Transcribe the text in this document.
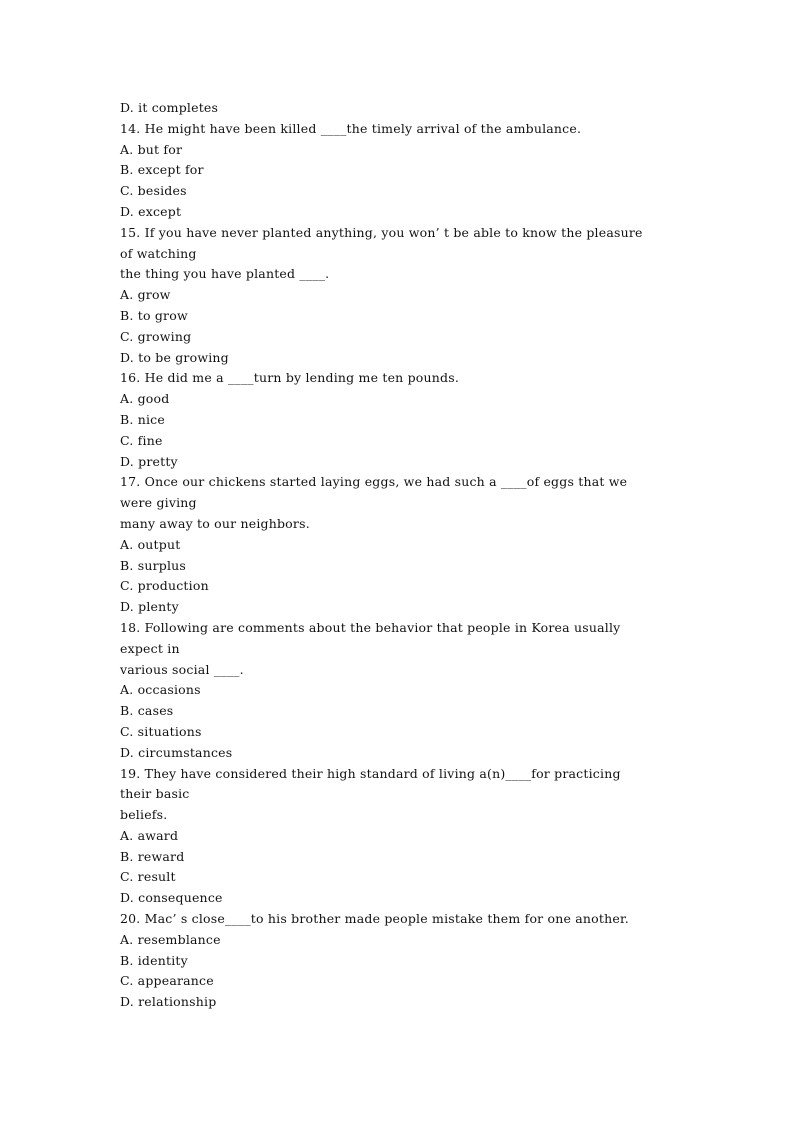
D. it completes
14. He might have been killed ____the timely arrival of the ambulance.
A. but for
B. except for
C. besides
D. except
15. If you have never planted anything, you won’ t be able to know the pleasure
of watching
the thing you have planted ____.
A. grow
B. to grow
C. growing
D. to be growing
16. He did me a ____turn by lending me ten pounds.
A. good
B. nice
C. fine
D. pretty
17. Once our chickens started laying eggs, we had such a ____of eggs that we
were giving
many away to our neighbors.
A. output
B. surplus
C. production
D. plenty
18. Following are comments about the behavior that people in Korea usually
expect in
various social ____.
A. occasions
B. cases
C. situations
D. circumstances
19. They have considered their high standard of living a(n)____for practicing
their basic
beliefs.
A. award
B. reward
C. result
D. consequence
20. Mac’ s close____to his brother made people mistake them for one another.
A. resemblance
B. identity
C. appearance
D. relationship
